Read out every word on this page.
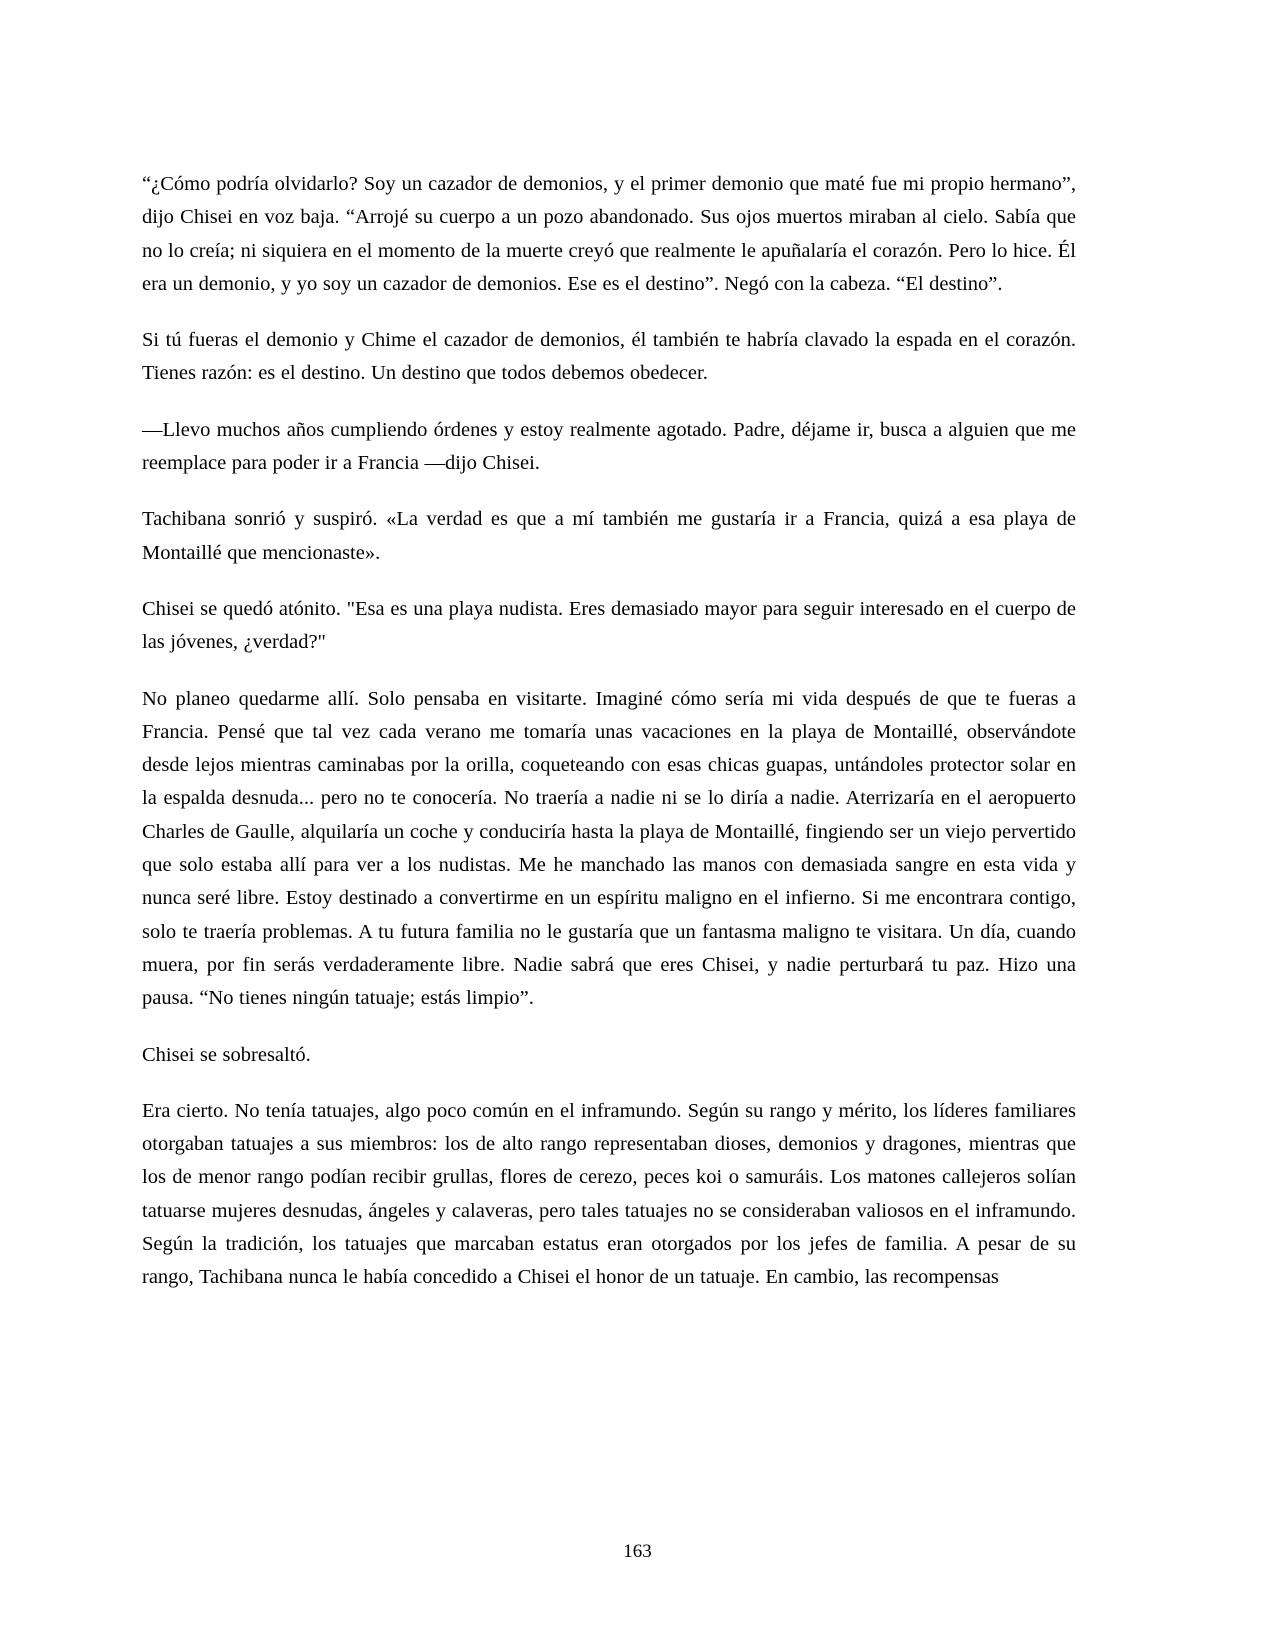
“¿Cómo podría olvidarlo? Soy un cazador de demonios, y el primer demonio que maté fue mi propio hermano”, dijo Chisei en voz baja. “Arrojé su cuerpo a un pozo abandonado. Sus ojos muertos miraban al cielo. Sabía que no lo creía; ni siquiera en el momento de la muerte creyó que realmente le apuñalaría el corazón. Pero lo hice. Él era un demonio, y yo soy un cazador de demonios. Ese es el destino”. Negó con la cabeza. “El destino”.

Si tú fueras el demonio y Chime el cazador de demonios, él también te habría clavado la espada en el corazón. Tienes razón: es el destino. Un destino que todos debemos obedecer.

—Llevo muchos años cumpliendo órdenes y estoy realmente agotado. Padre, déjame ir, busca a alguien que me reemplace para poder ir a Francia —dijo Chisei.

Tachibana sonrió y suspiró. «La verdad es que a mí también me gustaría ir a Francia, quizá a esa playa de Montaillé que mencionaste».

Chisei se quedó atónito. "Esa es una playa nudista. Eres demasiado mayor para seguir interesado en el cuerpo de las jóvenes, ¿verdad?"

No planeo quedarme allí. Solo pensaba en visitarte. Imaginé cómo sería mi vida después de que te fueras a Francia. Pensé que tal vez cada verano me tomaría unas vacaciones en la playa de Montaillé, observándote desde lejos mientras caminabas por la orilla, coqueteando con esas chicas guapas, untándoles protector solar en la espalda desnuda... pero no te conocería. No traería a nadie ni se lo diría a nadie. Aterrizaría en el aeropuerto Charles de Gaulle, alquilaría un coche y conduciría hasta la playa de Montaillé, fingiendo ser un viejo pervertido que solo estaba allí para ver a los nudistas. Me he manchado las manos con demasiada sangre en esta vida y nunca seré libre. Estoy destinado a convertirme en un espíritu maligno en el infierno. Si me encontrara contigo, solo te traería problemas. A tu futura familia no le gustaría que un fantasma maligno te visitara. Un día, cuando muera, por fin serás verdaderamente libre. Nadie sabrá que eres Chisei, y nadie perturbará tu paz. Hizo una pausa. “No tienes ningún tatuaje; estás limpio”.

Chisei se sobresaltó.

Era cierto. No tenía tatuajes, algo poco común en el inframundo. Según su rango y mérito, los líderes familiares otorgaban tatuajes a sus miembros: los de alto rango representaban dioses, demonios y dragones, mientras que los de menor rango podían recibir grullas, flores de cerezo, peces koi o samuráis. Los matones callejeros solían tatuarse mujeres desnudas, ángeles y calaveras, pero tales tatuajes no se consideraban valiosos en el inframundo. Según la tradición, los tatuajes que marcaban estatus eran otorgados por los jefes de familia. A pesar de su rango, Tachibana nunca le había concedido a Chisei el honor de un tatuaje. En cambio, las recompensas

163
